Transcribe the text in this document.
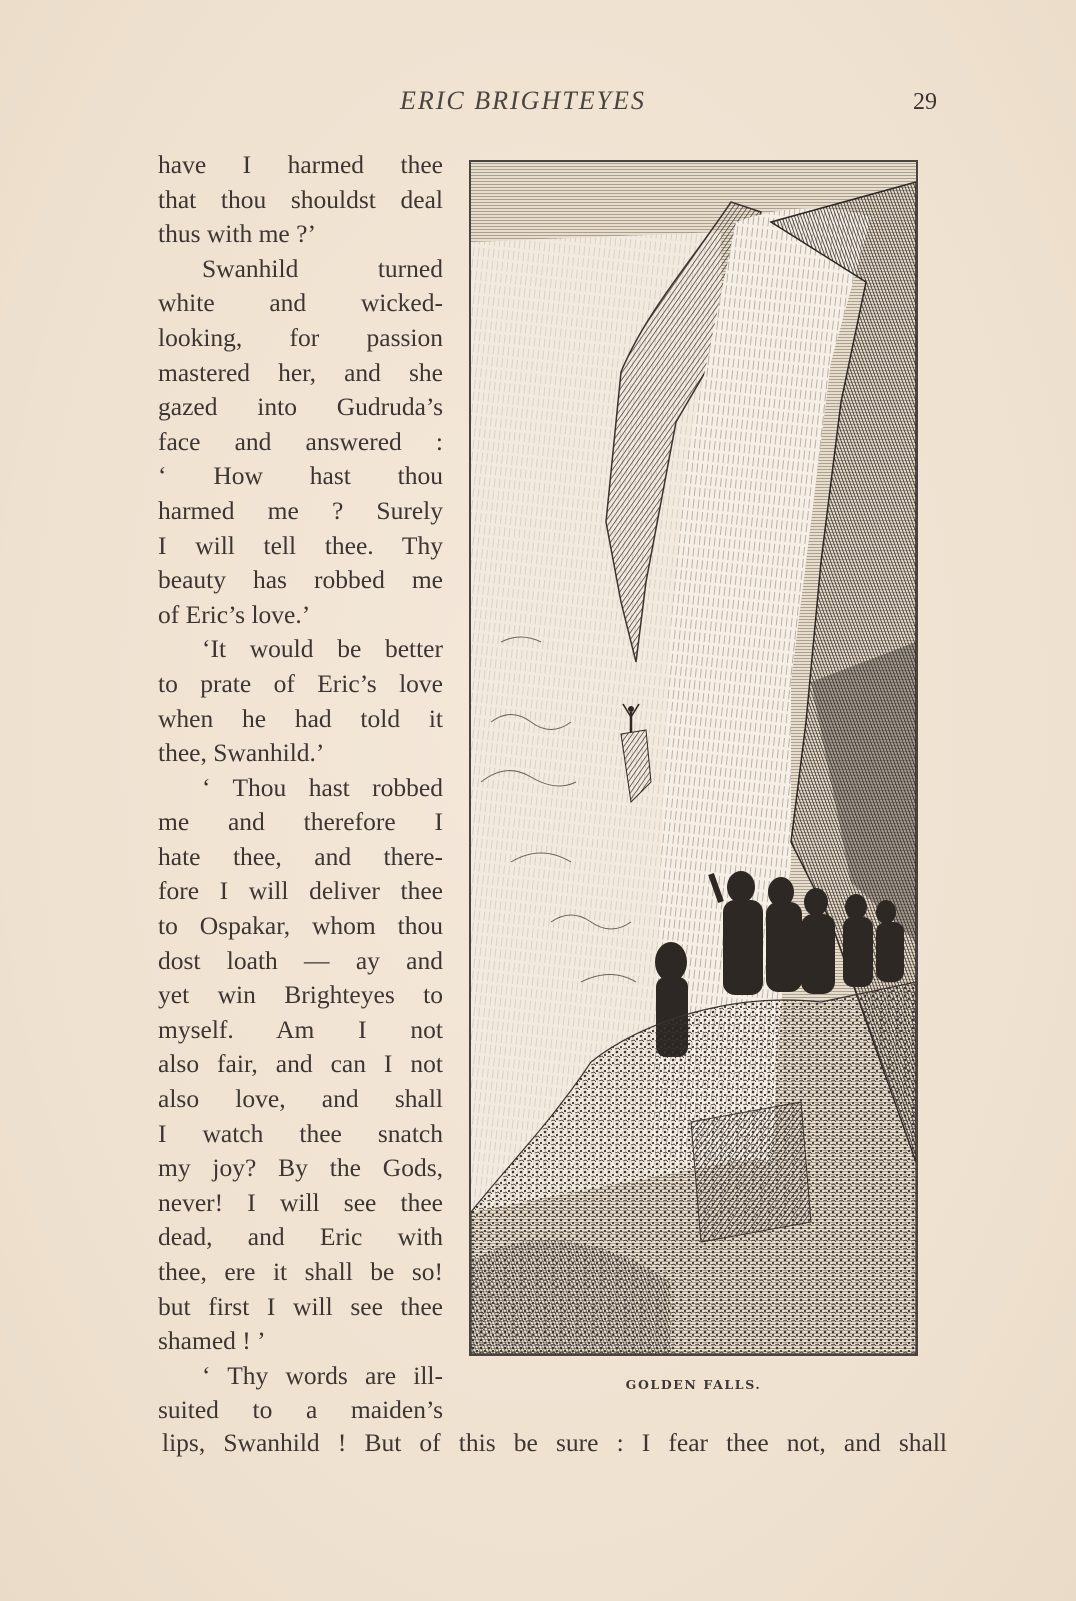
ERIC BRIGHTEYES	29
have I harmed thee
that thou shouldst deal
thus with me ?’
Swanhild turned
white and wicked-
looking, for passion
mastered her, and she
gazed into Gudruda’s
face and answered :
‘ How hast thou
harmed me ? Surely
I will tell thee. Thy
beauty has robbed me
of Eric’s love.’
‘It would be better
to prate of Eric’s love
when he had told it
thee, Swanhild.’
‘ Thou hast robbed
me and therefore I
hate thee, and there-
fore I will deliver thee
to Ospakar, whom thou
dost loath — ay and
yet win Brighteyes to
myself. Am I not
also fair, and can I not
also love, and shall
I watch thee snatch
my joy? By the Gods,
never! I will see thee
dead, and Eric with
thee, ere it shall be so!
but first I will see thee
shamed ! ’
‘ Thy words are ill-
suited to a maiden’s
lips, Swanhild ! But of this be sure : I fear thee not, and shall
GOLDEN FALLS.
